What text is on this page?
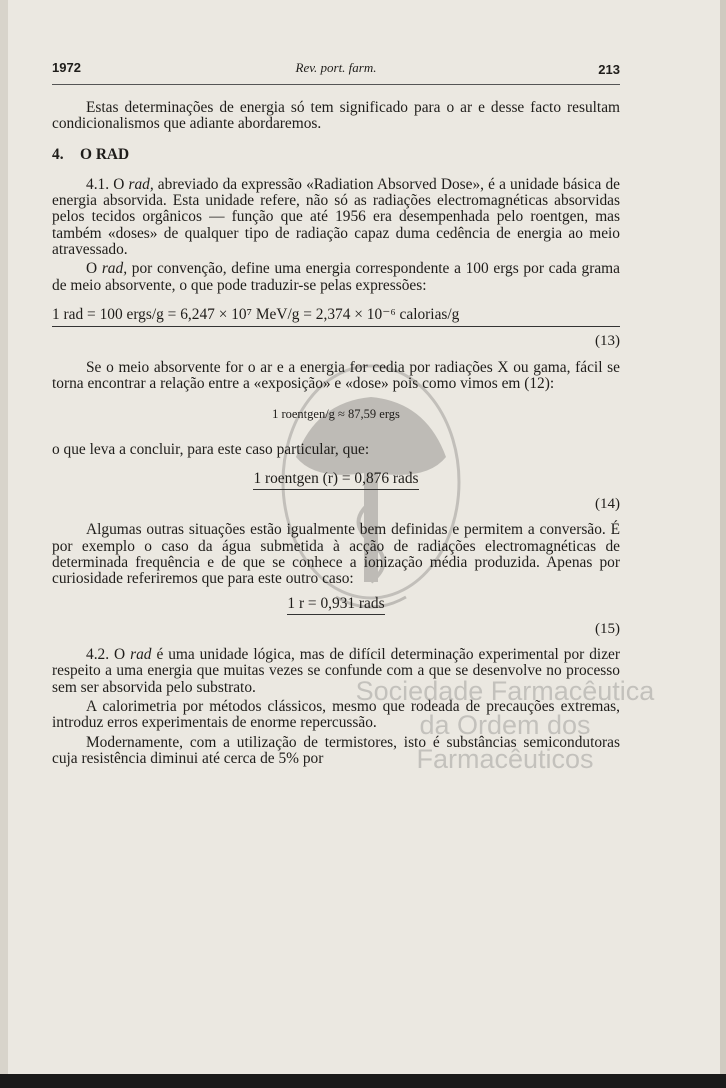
1972	Rev. port. farm.	213
Sociedade Farmacêutica
da Ordem dos Farmacêuticos

Estas determinações de energia só tem significado para o ar e desse facto resultam condicionalismos que adiante abordaremos.

4. O RAD

4.1. O rad, abreviado da expressão «Radiation Absorved Dose», é a unidade básica de energia absorvida. Esta unidade refere, não só as radiações electromagnéticas absorvidas pelos tecidos orgânicos — função que até 1956 era desempenhada pelo roentgen, mas também «doses» de qualquer tipo de radiação capaz duma cedência de energia ao meio atravessado.

O rad, por convenção, define uma energia correspondente a 100 ergs por cada grama de meio absorvente, o que pode traduzir-se pelas expressões:

1 rad = 100 ergs/g = 6,247 × 10⁷ MeV/g = 2,374 × 10⁻⁶ calorias/g
(13)

Se o meio absorvente for o ar e a energia for cedia por radiações X ou gama, fácil se torna encontrar a relação entre a «exposição» e «dose» pois como vimos em (12):

1 roentgen/g ≈ 87,59 ergs

o que leva a concluir, para este caso particular, que:

1 roentgen (r) = 0,876 rads
(14)

Algumas outras situações estão igualmente bem definidas e permitem a conversão. É por exemplo o caso da água submetida à acção de radiações electromagnéticas de determinada frequência e de que se conhece a ionização média produzida. Apenas por curiosidade referiremos que para este outro caso:

1 r = 0,931 rads
(15)

4.2. O rad é uma unidade lógica, mas de difícil determinação experimental por dizer respeito a uma energia que muitas vezes se confunde com a que se desenvolve no processo sem ser absorvida pelo substrato.

A calorimetria por métodos clássicos, mesmo que rodeada de precauções extremas, introduz erros experimentais de enorme repercussão.

Modernamente, com a utilização de termistores, isto é substâncias semicondutoras cuja resistência diminui até cerca de 5% por
